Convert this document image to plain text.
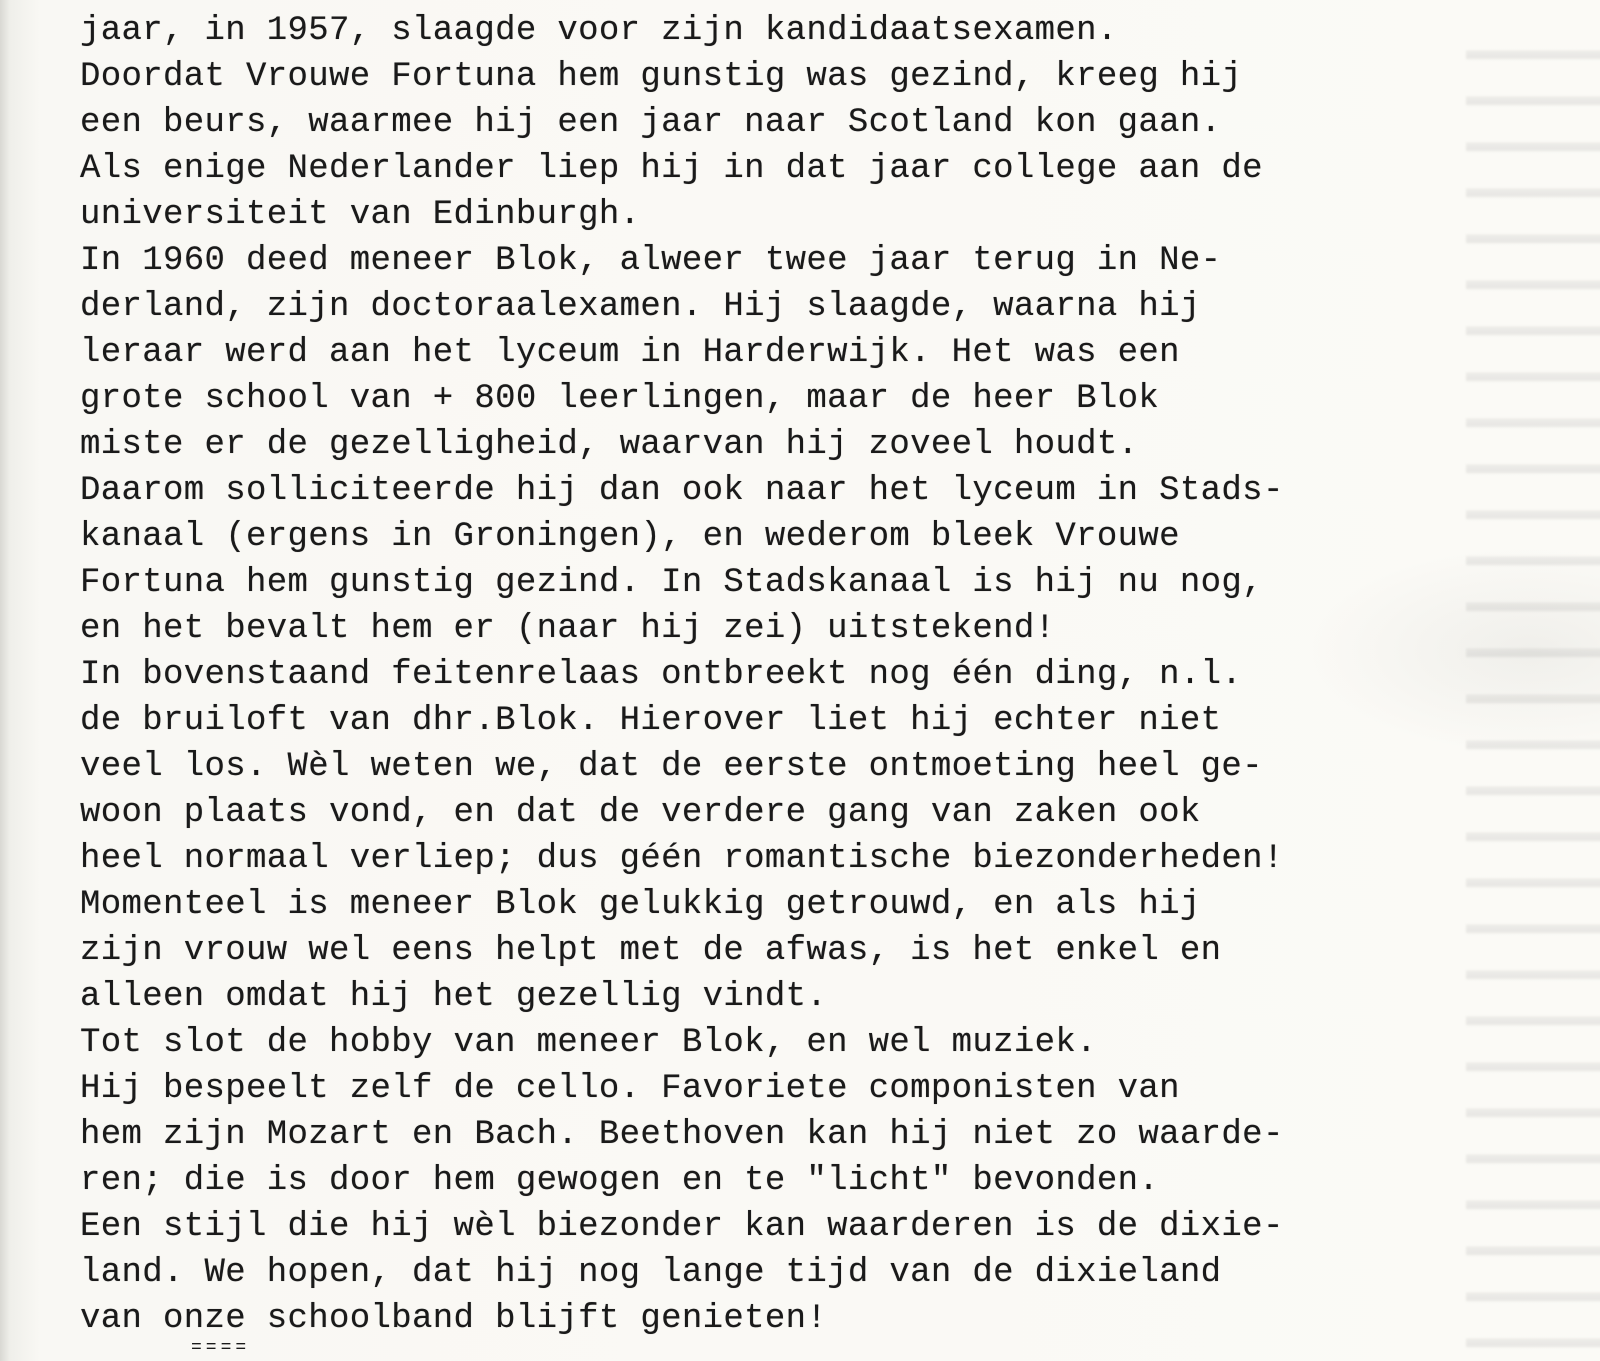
jaar, in 1957, slaagde voor zijn kandidaatsexamen.
Doordat Vrouwe Fortuna hem gunstig was gezind, kreeg hij
een beurs, waarmee hij een jaar naar Scotland kon gaan.
Als enige Nederlander liep hij in dat jaar college aan de
universiteit van Edinburgh.
In 1960 deed meneer Blok, alweer twee jaar terug in Ne-
derland, zijn doctoraalexamen. Hij slaagde, waarna hij
leraar werd aan het lyceum in Harderwijk. Het was een
grote school van + 800 leerlingen, maar de heer Blok
miste er de gezelligheid, waarvan hij zoveel houdt.
Daarom solliciteerde hij dan ook naar het lyceum in Stads-
kanaal (ergens in Groningen), en wederom bleek Vrouwe
Fortuna hem gunstig gezind. In Stadskanaal is hij nu nog,
en het bevalt hem er (naar hij zei) uitstekend!
In bovenstaand feitenrelaas ontbreekt nog één ding, n.l.
de bruiloft van dhr.Blok. Hierover liet hij echter niet
veel los. Wèl weten we, dat de eerste ontmoeting heel ge-
woon plaats vond, en dat de verdere gang van zaken ook
heel normaal verliep; dus géén romantische biezonderheden!
Momenteel is meneer Blok gelukkig getrouwd, en als hij
zijn vrouw wel eens helpt met de afwas, is het enkel en
alleen omdat hij het gezellig vindt.
Tot slot de hobby van meneer Blok, en wel muziek.
Hij bespeelt zelf de cello. Favoriete componisten van
hem zijn Mozart en Bach. Beethoven kan hij niet zo waarde-
ren; die is door hem gewogen en te "licht" bevonden.
Een stijl die hij wèl biezonder kan waarderen is de dixie-
land. We hopen, dat hij nog lange tijd van de dixieland
van onze schoolband blijft genieten!
====
